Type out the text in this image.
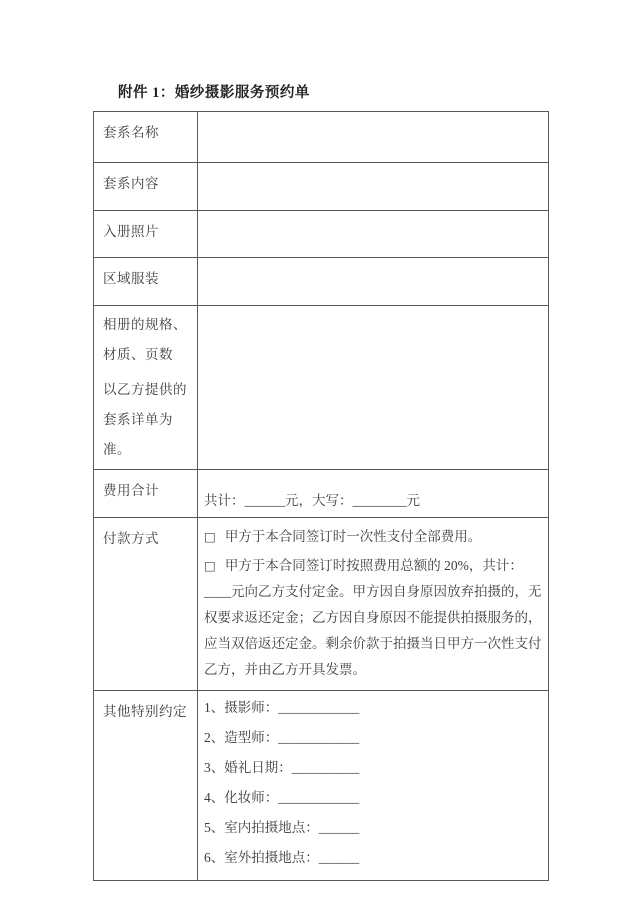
附件 1：婚纱摄影服务预约单
套系名称	
套系内容	
入册照片	
区域服装	

相册的规格、材质、页数
以乙方提供的套系详单为准。	

费用合计	共计：______元，大写：________元
付款方式	□ 甲方于本合同签订时一次性支付全部费用。

□ 甲方于本合同签订时按照费用总额的 20%，共计：____元向乙方支付定金。甲方因自身原因放弃拍摄的，无权要求返还定金；乙方因自身原因不能提供拍摄服务的，应当双倍返还定金。剩余价款于拍摄当日甲方一次性支付乙方，并由乙方开具发票。

其他特别约定	1、摄影师：____________
2、造型师：____________
3、婚礼日期：__________
4、化妆师：____________
5、室内拍摄地点：______
6、室外拍摄地点：______
